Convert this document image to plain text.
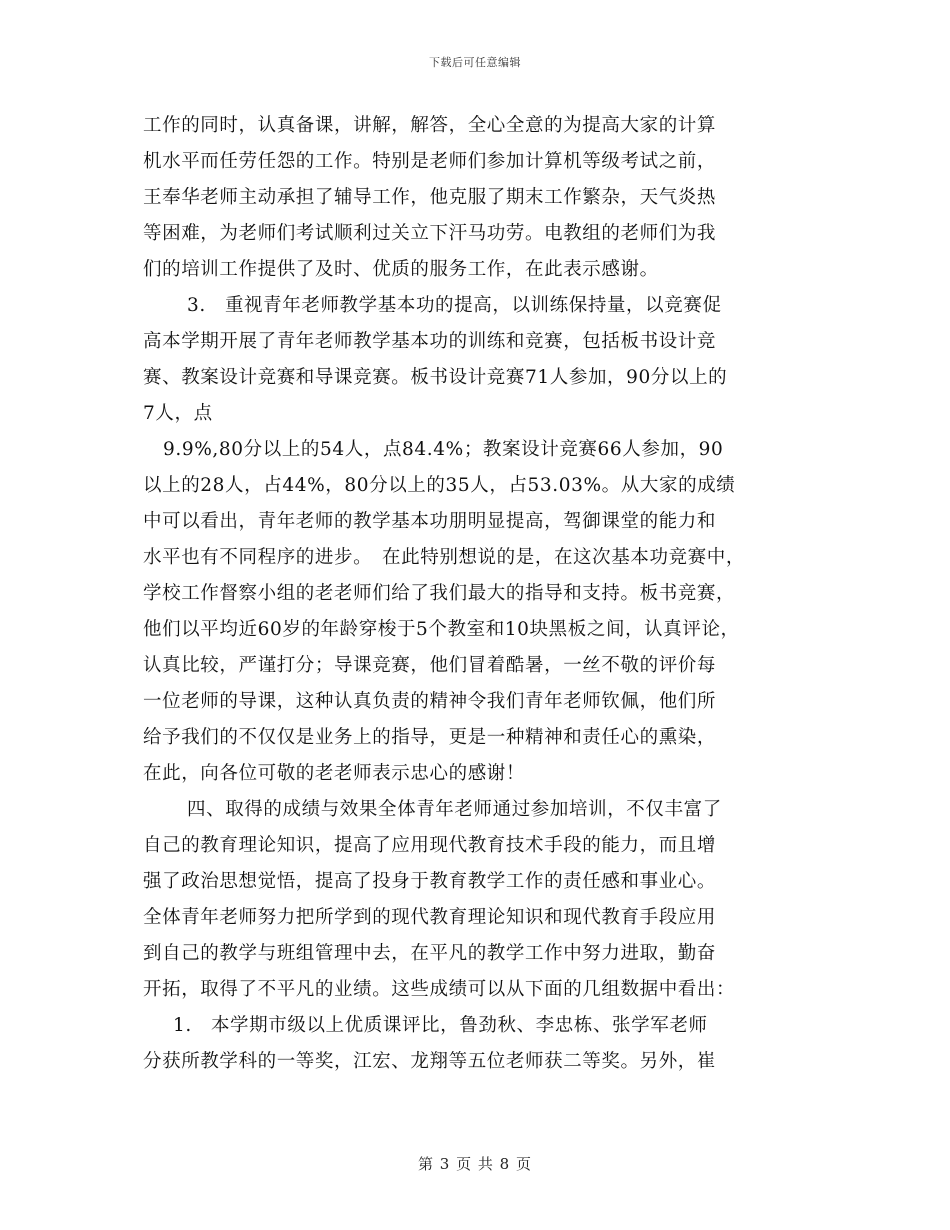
下载后可任意编辑
工作的同时，认真备课，讲解，解答，全心全意的为提高大家的计算
机水平而任劳任怨的工作。特别是老师们参加计算机等级考试之前，
王奉华老师主动承担了辅导工作，他克服了期末工作繁杂，天气炎热
等困难，为老师们考试顺利过关立下汗马功劳。电教组的老师们为我
们的培训工作提供了及时、优质的服务工作，在此表示感谢。
3.　重视青年老师教学基本功的提高，以训练保持量，以竞赛促
高本学期开展了青年老师教学基本功的训练和竞赛，包括板书设计竞
赛、教案设计竞赛和导课竞赛。板书设计竞赛71人参加，90分以上的
7人，点
9.9%,80分以上的54人，点84.4%；教案设计竞赛66人参加，90
以上的28人，占44%，80分以上的35人，占53.03%。从大家的成绩
中可以看出，青年老师的教学基本功朋明显提高，驾御课堂的能力和
水平也有不同程序的进步。　在此特别想说的是，在这次基本功竞赛中，
学校工作督察小组的老老师们给了我们最大的指导和支持。板书竞赛，
他们以平均近60岁的年龄穿梭于5个教室和10块黑板之间，认真评论，
认真比较，严谨打分；导课竞赛，他们冒着酷暑，一丝不敬的评价每
一位老师的导课，这种认真负责的精神令我们青年老师钦佩，他们所
给予我们的不仅仅是业务上的指导，更是一种精神和责任心的熏染，
在此，向各位可敬的老老师表示忠心的感谢！
四、取得的成绩与效果全体青年老师通过参加培训，不仅丰富了
自己的教育理论知识，提高了应用现代教育技术手段的能力，而且增
强了政治思想觉悟，提高了投身于教育教学工作的责任感和事业心。
全体青年老师努力把所学到的现代教育理论知识和现代教育手段应用
到自己的教学与班组管理中去，在平凡的教学工作中努力进取，勤奋
开拓，取得了不平凡的业绩。这些成绩可以从下面的几组数据中看出：
1.　本学期市级以上优质课评比，鲁劲秋、李忠栋、张学军老师
分获所教学科的一等奖，江宏、龙翔等五位老师获二等奖。另外，崔
第 3 页 共 8 页
